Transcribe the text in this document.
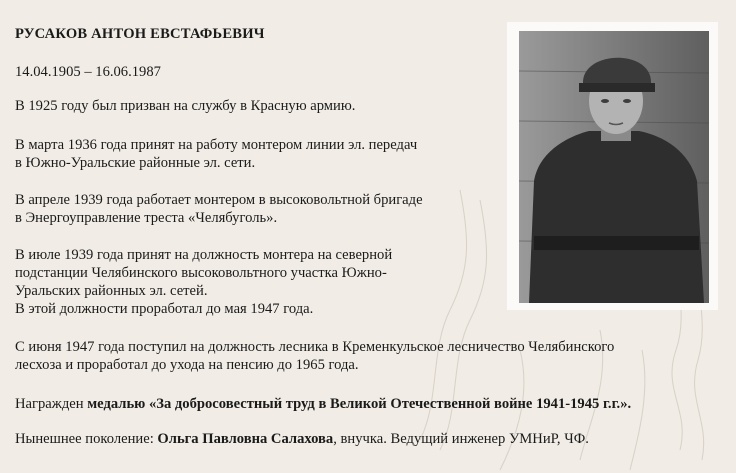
РУСАКОВ АНТОН ЕВСТАФЬЕВИЧ

14.04.1905 – 16.06.1987

В 1925 году был призван на службу в Красную армию.

В марта 1936 года принят на работу монтером линии эл. передач

в Южно-Уральские районные эл. сети.

В апреле 1939 года работает монтером в высоковольтной бригаде

в Энергоуправление треста «Челябуголь».

В июле 1939 года принят на должность монтера на северной

подстанции Челябинского высоковольтного участка Южно-

Уральских районных эл. сетей.

В этой должности проработал до мая 1947 года.

С июня 1947 года поступил на должность лесника в Кременкульское лесничество Челябинского

лесхоза и проработал до ухода на пенсию до 1965 года.

Награжден медалью «За добросовестный труд в Великой Отечественной войне 1941-1945 г.г.».

Нынешнее поколение: Ольга Павловна Салахова, внучка. Ведущий инженер УМНиР, ЧФ.
